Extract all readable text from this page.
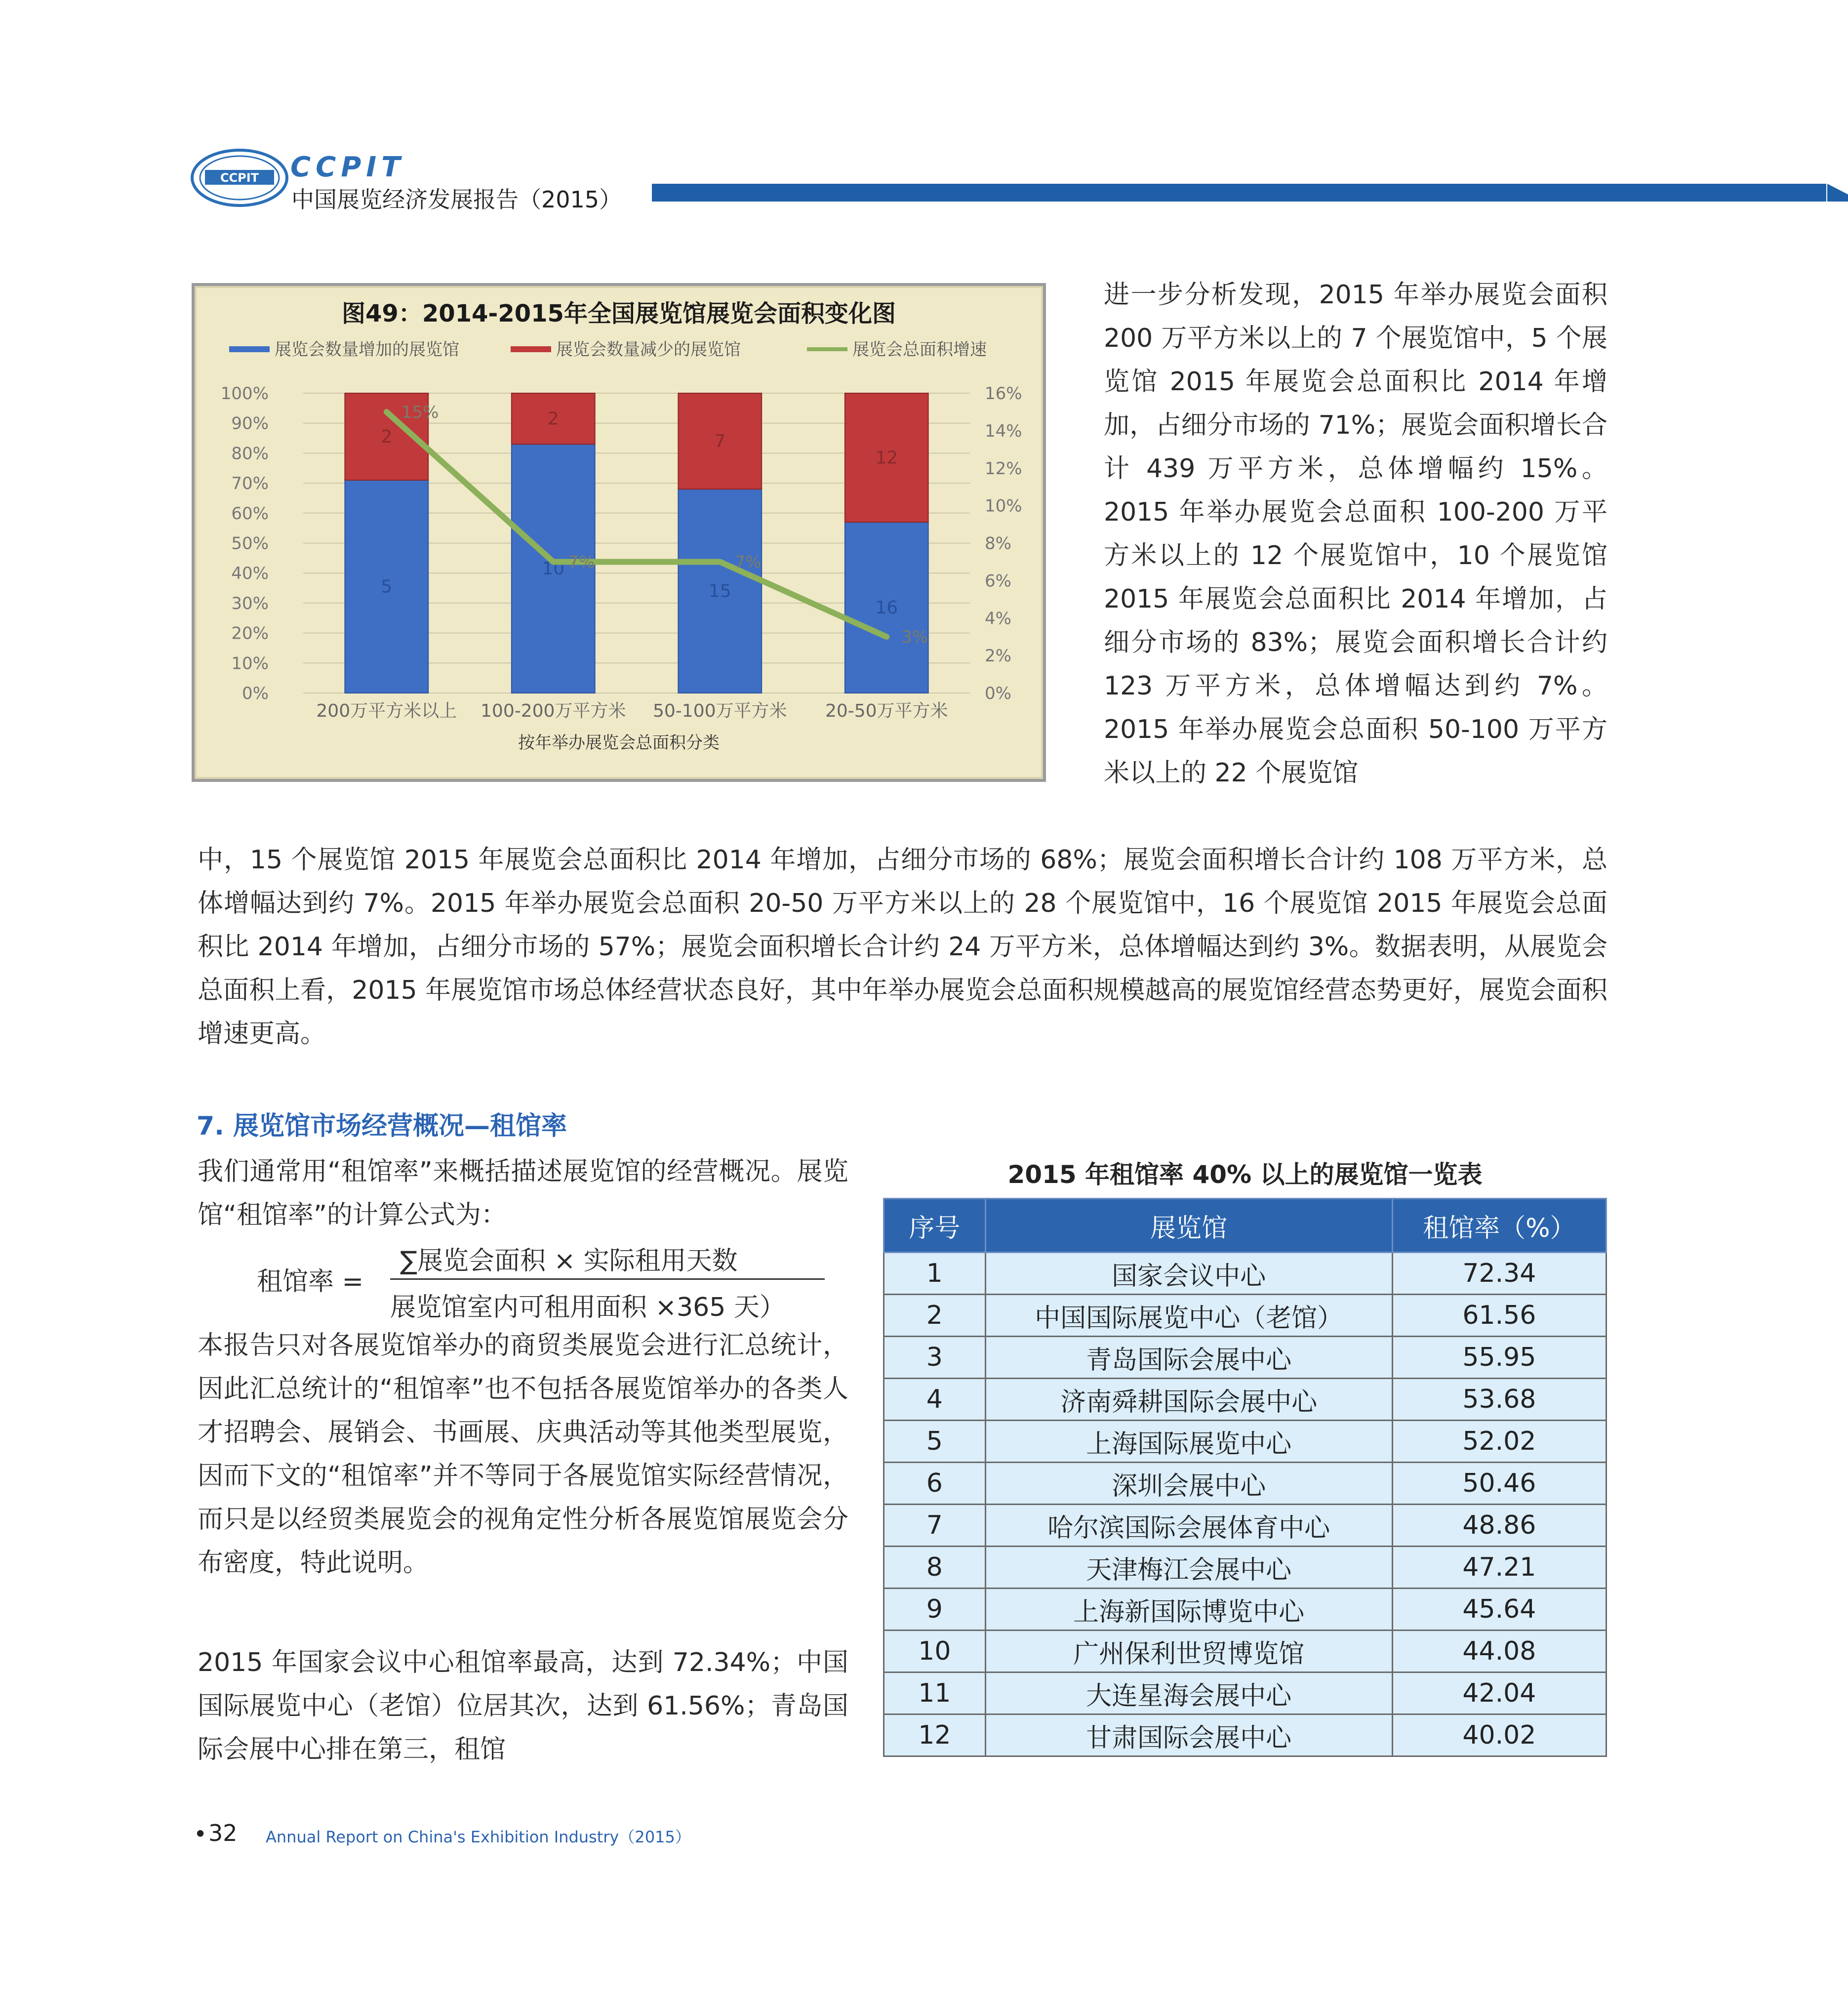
CCPIT CCPIT
中国展览经济发展报告（2015）
图49：2014-2015年全国展览馆展览会面积变化图
展览会数量增加的展览馆	展览会数量减少的展览馆	展览会总面积增速
100%
90%
80%
70%
60%
50%
40%
30%
20%
10%
0%
16%
14%
12%
10%
8%
6%
4%
2%
0%
5
2
200万平方米以上
10
2
100-200万平方米
15
7
50-100万平方米
16
12
20-50万平方米
15%
7%	7%
3%
按年举办展览会总面积分类
进一步分析发现，2015 年举办展览会面积 200 万平方米以上的 7 个展览馆中，5 个展览馆 2015 年展览会总面积比 2014 年增加，占细分市场的 71%；展览会面积增长合计 439 万平方米，总体增幅约 15%。2015 年举办展览会总面积 100-200 万平方米以上的 12 个展览馆中，10 个展览馆 2015 年展览会总面积比 2014 年增加，占细分市场的 83%；展览会面积增长合计约 123 万平方米，总体增幅达到约 7%。2015 年举办展览会总面积 50-100 万平方米以上的 22 个展览馆
中，15 个展览馆 2015 年展览会总面积比 2014 年增加，占细分市场的 68%；展览会面积增长合计约 108 万平方米，总体增幅达到约 7%。2015 年举办展览会总面积 20-50 万平方米以上的 28 个展览馆中，16 个展览馆 2015 年展览会总面积比 2014 年增加，占细分市场的 57%；展览会面积增长合计约 24 万平方米，总体增幅达到约 3%。数据表明，从展览会总面积上看，2015 年展览馆市场总体经营状态良好，其中年举办展览会总面积规模越高的展览馆经营态势更好，展览会面积增速更高。
7. 展览馆市场经营概况—租馆率
我们通常用“租馆率”来概括描述展览馆的经营概况。展览馆“租馆率”的计算公式为：
租馆率 =
∑展览会面积 × 实际租用天数
展览馆室内可租用面积 ×365 天）
本报告只对各展览馆举办的商贸类展览会进行汇总统计，因此汇总统计的“租馆率”也不包括各展览馆举办的各类人才招聘会、展销会、书画展、庆典活动等其他类型展览，因而下文的“租馆率”并不等同于各展览馆实际经营情况，而只是以经贸类展览会的视角定性分析各展览馆展览会分布密度，特此说明。
2015 年国家会议中心租馆率最高，达到 72.34%；中国国际展览中心（老馆）位居其次，达到 61.56%；青岛国际会展中心排在第三，租馆
2015 年租馆率 40% 以上的展览馆一览表
序号	展览馆	租馆率（%）
1	国家会议中心	72.34
2	中国国际展览中心（老馆）	61.56
3	青岛国际会展中心	55.95
4	济南舜耕国际会展中心	53.68
5	上海国际展览中心	52.02
6	深圳会展中心	50.46
7	哈尔滨国际会展体育中心	48.86
8	天津梅江会展中心	47.21
9	上海新国际博览中心	45.64
10	广州保利世贸博览馆	44.08
11	大连星海会展中心	42.04
12	甘肃国际会展中心	40.02
• 32 Annual Report on China's Exhibition Industry（2015）
